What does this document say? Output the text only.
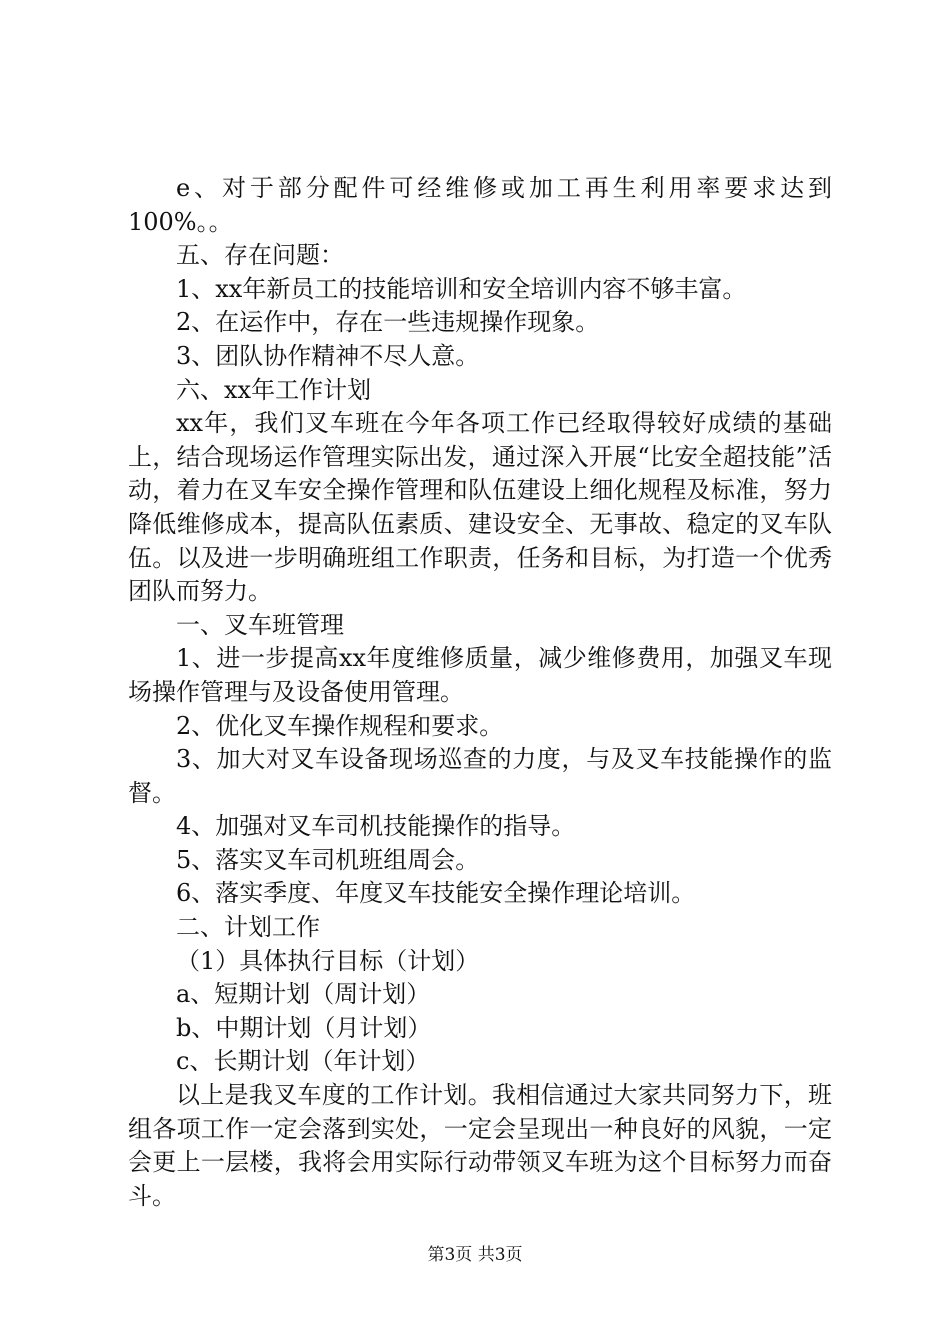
e、对于部分配件可经维修或加工再生利用率要求达到100%。。

五、存在问题：

1、xx年新员工的技能培训和安全培训内容不够丰富。

2、在运作中，存在一些违规操作现象。

3、团队协作精神不尽人意。

六、xx年工作计划

xx年，我们叉车班在今年各项工作已经取得较好成绩的基础上，结合现场运作管理实际出发，通过深入开展“比安全超技能”活动，着力在叉车安全操作管理和队伍建设上细化规程及标准，努力降低维修成本，提高队伍素质、建设安全、无事故、稳定的叉车队伍。以及进一步明确班组工作职责，任务和目标，为打造一个优秀团队而努力。

一、叉车班管理

1、进一步提高xx年度维修质量，减少维修费用，加强叉车现场操作管理与及设备使用管理。

2、优化叉车操作规程和要求。

3、加大对叉车设备现场巡查的力度，与及叉车技能操作的监督。

4、加强对叉车司机技能操作的指导。

5、落实叉车司机班组周会。

6、落实季度、年度叉车技能安全操作理论培训。

二、计划工作

（1）具体执行目标（计划）

a、短期计划（周计划）

b、中期计划（月计划）

c、长期计划（年计划）

以上是我叉车度的工作计划。我相信通过大家共同努力下，班组各项工作一定会落到实处，一定会呈现出一种良好的风貌，一定会更上一层楼，我将会用实际行动带领叉车班为这个目标努力而奋斗。

第3页 共3页
